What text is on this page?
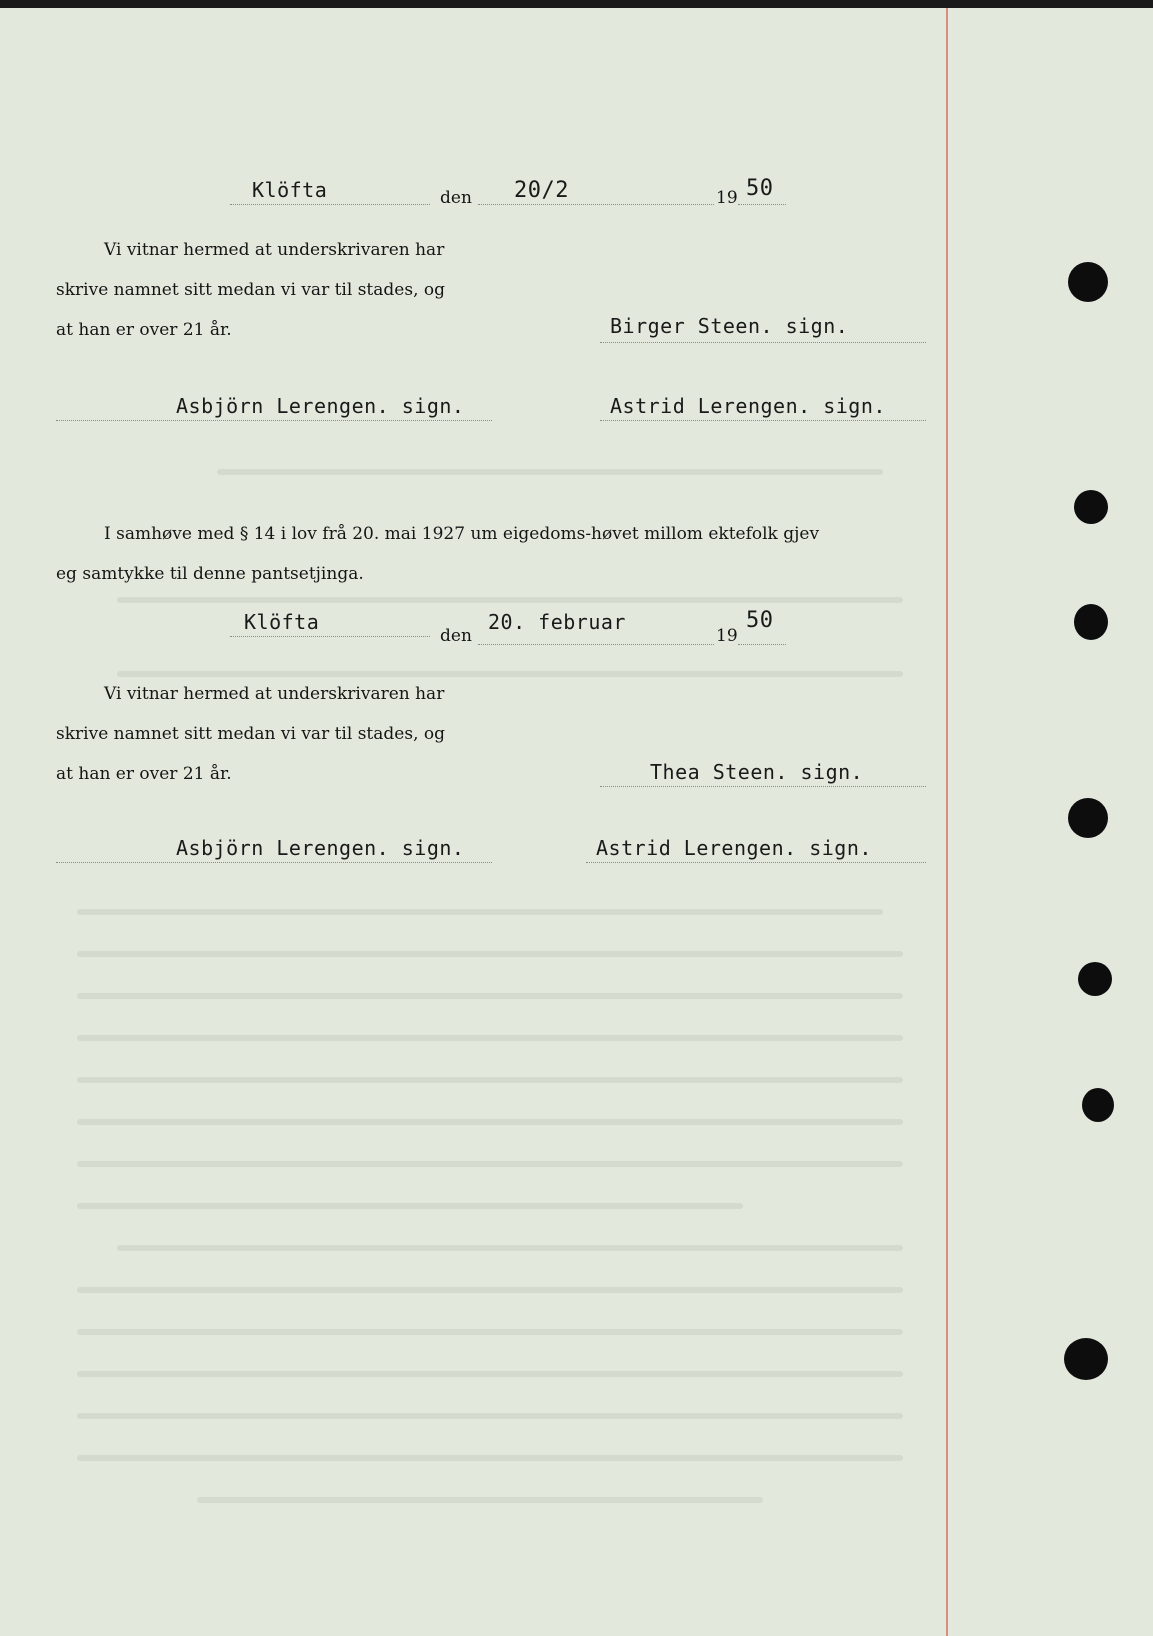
Klöfta	den 20/2	19 50
Vi vitnar hermed at underskrivaren har
skrive namnet sitt medan vi var til stades, og
at han er over 21 år.	Birger Steen. sign.
Asbjörn Lerengen. sign.	Astrid Lerengen. sign.
I samhøve med § 14 i lov frå 20. mai 1927 um eigedoms-høvet millom ektefolk gjev
eg samtykke til denne pantsetjinga.
Klöfta
den
20. februar
19
50
Vi vitnar hermed at underskrivaren har
skrive namnet sitt medan vi var til stades, og
at han er over 21 år.	Thea Steen. sign.
Asbjörn Lerengen. sign.	Astrid Lerengen. sign.
